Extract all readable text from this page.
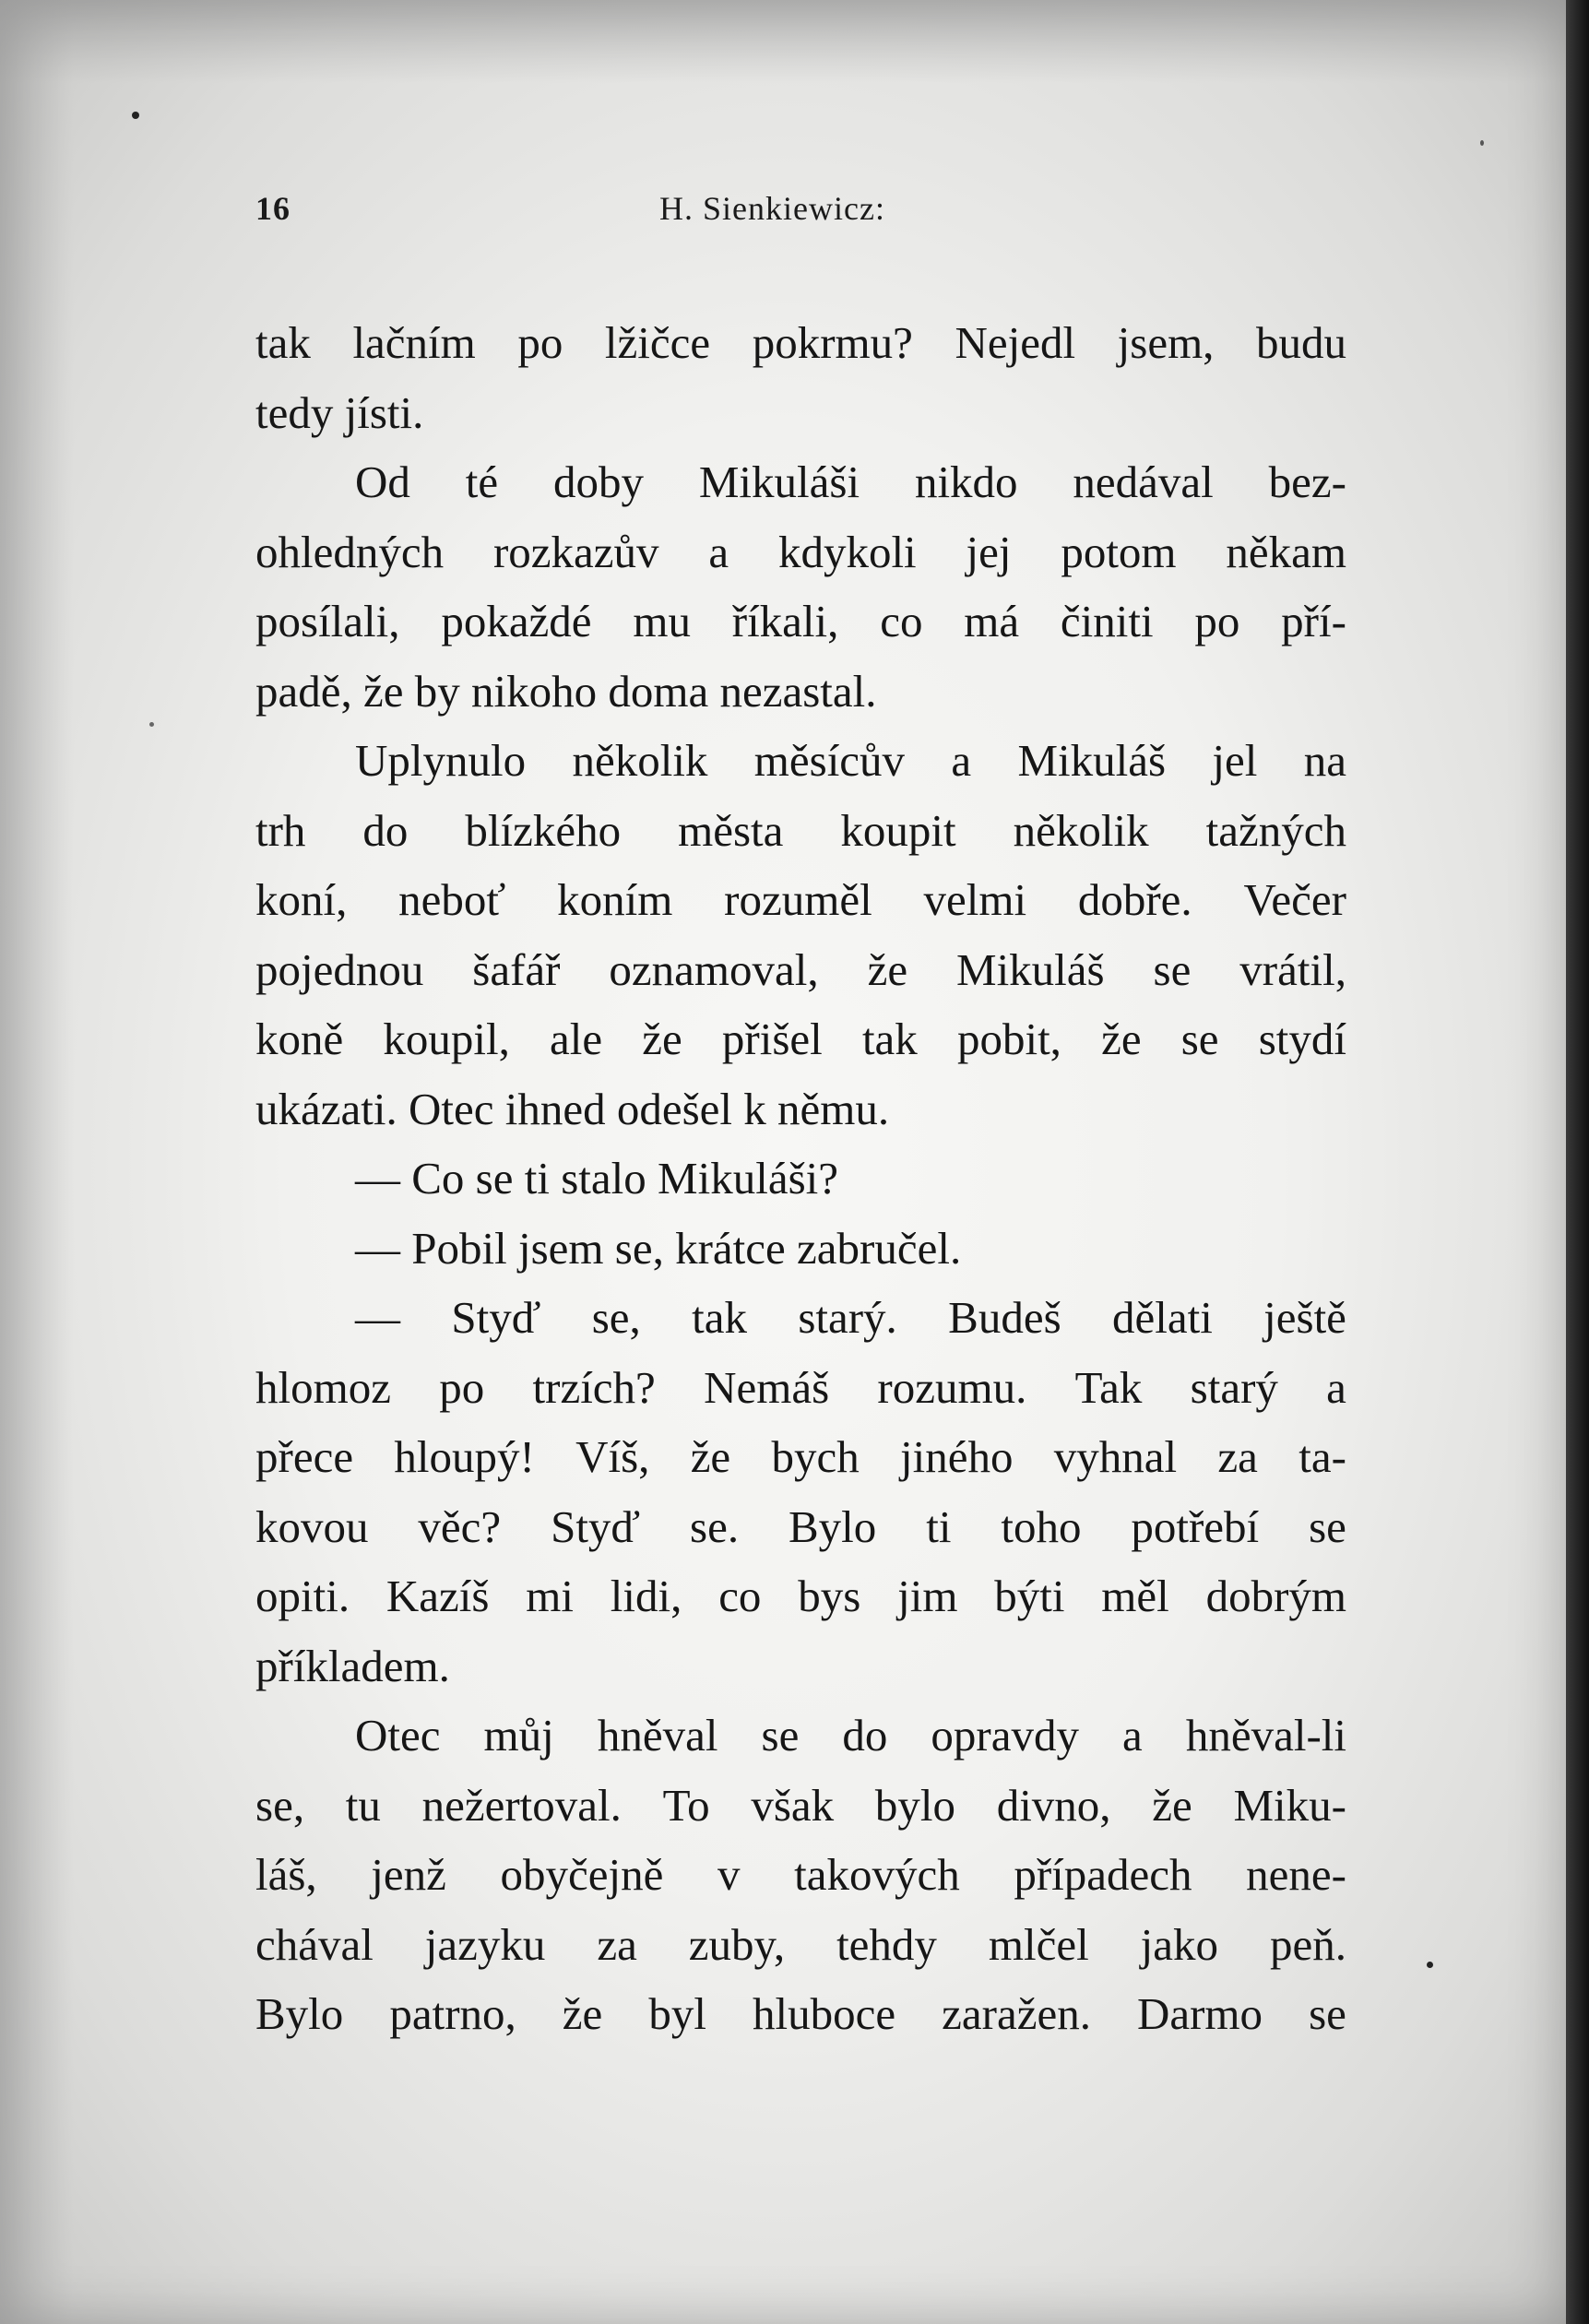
16	H. Sienkiewicz:
tak lačním po lžičce pokrmu? Nejedl jsem, budu
tedy jísti.
Od té doby Mikuláši nikdo nedával bez-
ohledných rozkazův a kdykoli jej potom někam
posílali, pokaždé mu říkali, co má činiti po pří-
padě, že by nikoho doma nezastal.
Uplynulo několik měsícův a Mikuláš jel na
trh do blízkého města koupit několik tažných
koní, neboť koním rozuměl velmi dobře. Večer
pojednou šafář oznamoval, že Mikuláš se vrátil,
koně koupil, ale že přišel tak pobit, že se stydí
ukázati. Otec ihned odešel k němu.
— Co se ti stalo Mikuláši?
— Pobil jsem se, krátce zabručel.
— Styď se, tak starý. Budeš dělati ještě
hlomoz po trzích? Nemáš rozumu. Tak starý a
přece hloupý! Víš, že bych jiného vyhnal za ta-
kovou věc? Styď se. Bylo ti toho potřebí se
opiti. Kazíš mi lidi, co bys jim býti měl dobrým
příkladem.
Otec můj hněval se do opravdy a hněval-li
se, tu nežertoval. To však bylo divno, že Miku-
láš, jenž obyčejně v takových případech nene-
chával jazyku za zuby, tehdy mlčel jako peň.
Bylo patrno, že byl hluboce zaražen. Darmo se
